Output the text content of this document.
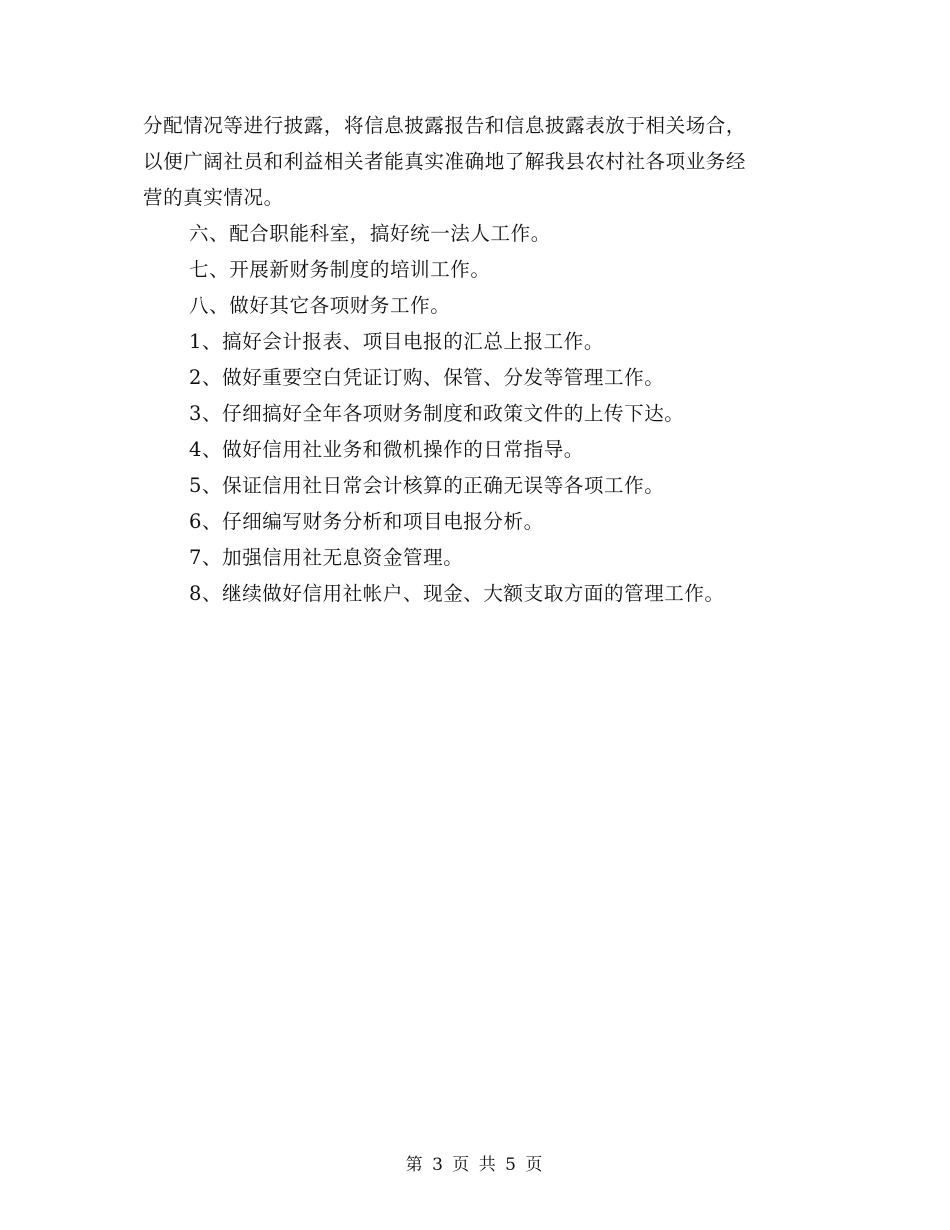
分配情况等进行披露，将信息披露报告和信息披露表放于相关场合，
以便广阔社员和利益相关者能真实准确地了解我县农村社各项业务经
营的真实情况。
六、配合职能科室，搞好统一法人工作。
七、开展新财务制度的培训工作。
八、做好其它各项财务工作。
1、搞好会计报表、项目电报的汇总上报工作。
2、做好重要空白凭证订购、保管、分发等管理工作。
3、仔细搞好全年各项财务制度和政策文件的上传下达。
4、做好信用社业务和微机操作的日常指导。
5、保证信用社日常会计核算的正确无误等各项工作。
6、仔细编写财务分析和项目电报分析。
7、加强信用社无息资金管理。
8、继续做好信用社帐户、现金、大额支取方面的管理工作。
第 3 页 共 5 页
